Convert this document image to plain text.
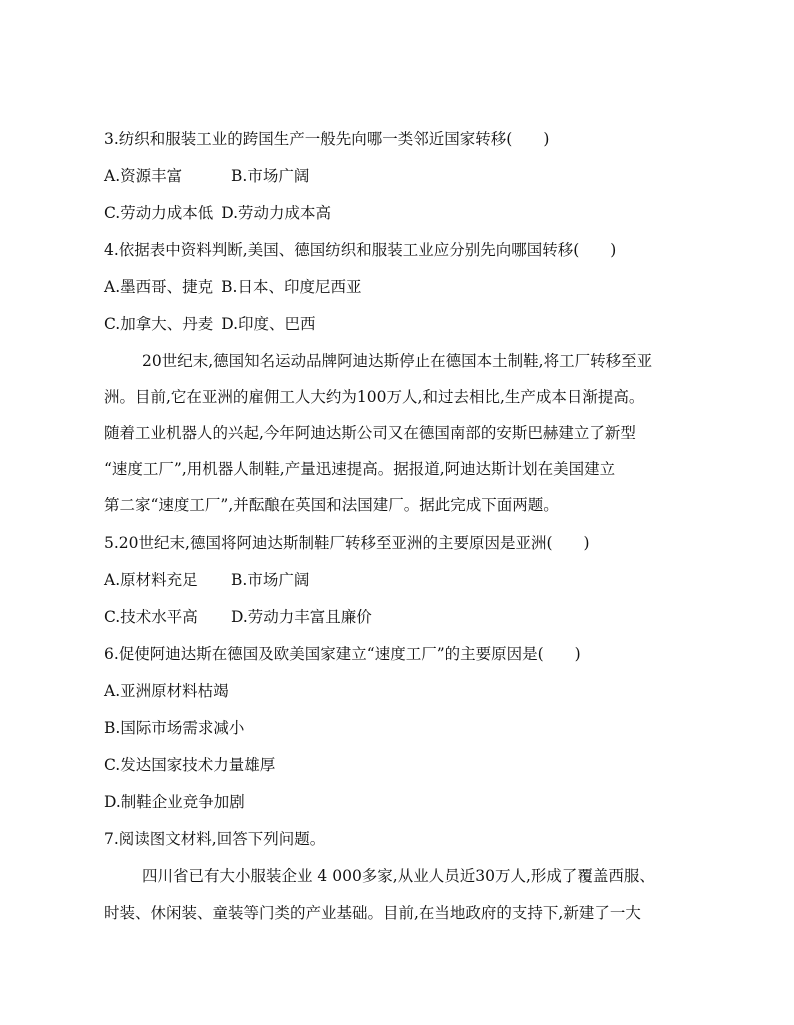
3.纺织和服装工业的跨国生产一般先向哪一类邻近国家转移(　　)
A.资源丰富	B.市场广阔
C.劳动力成本低 D.劳动力成本高
4.依据表中资料判断,美国、德国纺织和服装工业应分别先向哪国转移(　　)
A.墨西哥、捷克 B.日本、印度尼西亚
C.加拿大、丹麦 D.印度、巴西
20世纪末,德国知名运动品牌阿迪达斯停止在德国本土制鞋,将工厂转移至亚
洲。目前,它在亚洲的雇佣工人大约为100万人,和过去相比,生产成本日渐提高。
随着工业机器人的兴起,今年阿迪达斯公司又在德国南部的安斯巴赫建立了新型
“速度工厂”,用机器人制鞋,产量迅速提高。据报道,阿迪达斯计划在美国建立
第二家“速度工厂”,并酝酿在英国和法国建厂。据此完成下面两题。
5.20世纪末,德国将阿迪达斯制鞋厂转移至亚洲的主要原因是亚洲(　　)
A.原材料充足 B.市场广阔
C.技术水平高 D.劳动力丰富且廉价
6.促使阿迪达斯在德国及欧美国家建立“速度工厂”的主要原因是(　　)
A.亚洲原材料枯竭
B.国际市场需求减小
C.发达国家技术力量雄厚
D.制鞋企业竞争加剧
7.阅读图文材料,回答下列问题。
四川省已有大小服装企业 4 000多家,从业人员近30万人,形成了覆盖西服、
时装、休闲装、童装等门类的产业基础。目前,在当地政府的支持下,新建了一大
